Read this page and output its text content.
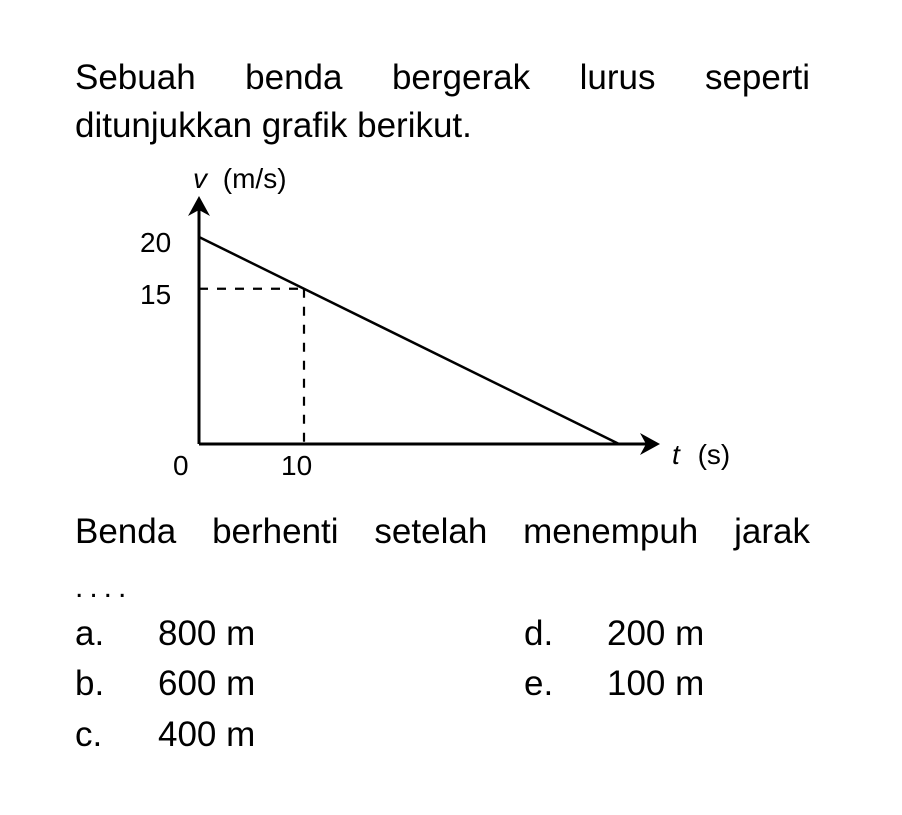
Sebuah benda bergerak lurus seperti
ditunjukkan grafik berikut.
20
15
0	10
v (m/s)
t (s)
Benda berhenti setelah menempuh jarak
....
a. 800 m
b. 600 m
c. 400 m
d. 200 m
e. 100 m
